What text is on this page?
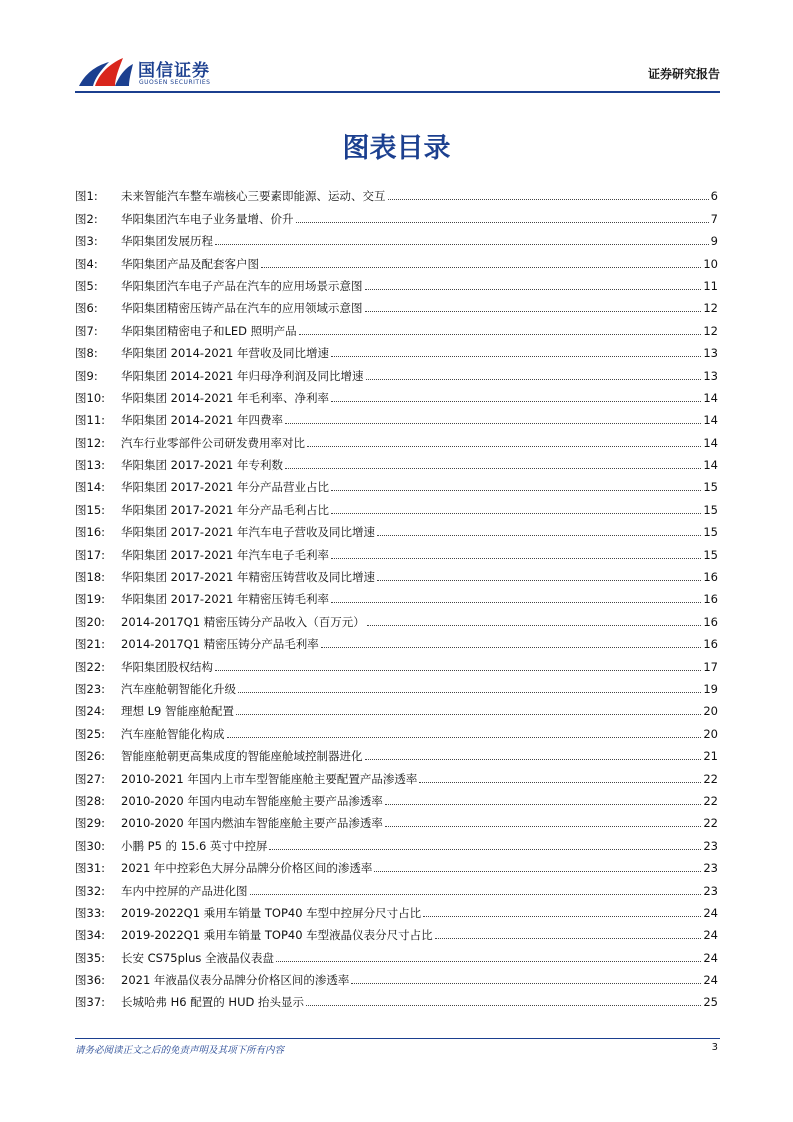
国信证券
GUOSEN SECURITIES
证券研究报告
图表目录
图1:	未来智能汽车整车端核心三要素即能源、运动、交互	6
图2:	华阳集团汽车电子业务量增、价升	7
图3:	华阳集团发展历程	9
图4:	华阳集团产品及配套客户图	10
图5:	华阳集团汽车电子产品在汽车的应用场景示意图	11
图6:	华阳集团精密压铸产品在汽车的应用领域示意图	12
图7:	华阳集团精密电子和LED 照明产品	12
图8:	华阳集团 2014-2021 年营收及同比增速	13
图9:	华阳集团 2014-2021 年归母净利润及同比增速	13
图10:	华阳集团 2014-2021 年毛利率、净利率	14
图11:	华阳集团 2014-2021 年四费率	14
图12:	汽车行业零部件公司研发费用率对比	14
图13:	华阳集团 2017-2021 年专利数	14
图14:	华阳集团 2017-2021 年分产品营业占比	15
图15:	华阳集团 2017-2021 年分产品毛利占比	15
图16:	华阳集团 2017-2021 年汽车电子营收及同比增速	15
图17:	华阳集团 2017-2021 年汽车电子毛利率	15
图18:	华阳集团 2017-2021 年精密压铸营收及同比增速	16
图19:	华阳集团 2017-2021 年精密压铸毛利率	16
图20:	2014-2017Q1 精密压铸分产品收入（百万元）	16
图21:	2014-2017Q1 精密压铸分产品毛利率	16
图22:	华阳集团股权结构	17
图23:	汽车座舱朝智能化升级	19
图24:	理想 L9 智能座舱配置	20
图25:	汽车座舱智能化构成	20
图26:	智能座舱朝更高集成度的智能座舱域控制器进化	21
图27:	2010-2021 年国内上市车型智能座舱主要配置产品渗透率	22
图28:	2010-2020 年国内电动车智能座舱主要产品渗透率	22
图29:	2010-2020 年国内燃油车智能座舱主要产品渗透率	22
图30:	小鹏 P5 的 15.6 英寸中控屏	23
图31:	2021 年中控彩色大屏分品牌分价格区间的渗透率	23
图32:	车内中控屏的产品进化图	23
图33:	2019-2022Q1 乘用车销量 TOP40 车型中控屏分尺寸占比	24
图34:	2019-2022Q1 乘用车销量 TOP40 车型液晶仪表分尺寸占比	24
图35:	长安 CS75plus 全液晶仪表盘	24
图36:	2021 年液晶仪表分品牌分价格区间的渗透率	24
图37:	长城哈弗 H6 配置的 HUD 抬头显示	25
请务必阅读正文之后的免责声明及其项下所有内容	3
